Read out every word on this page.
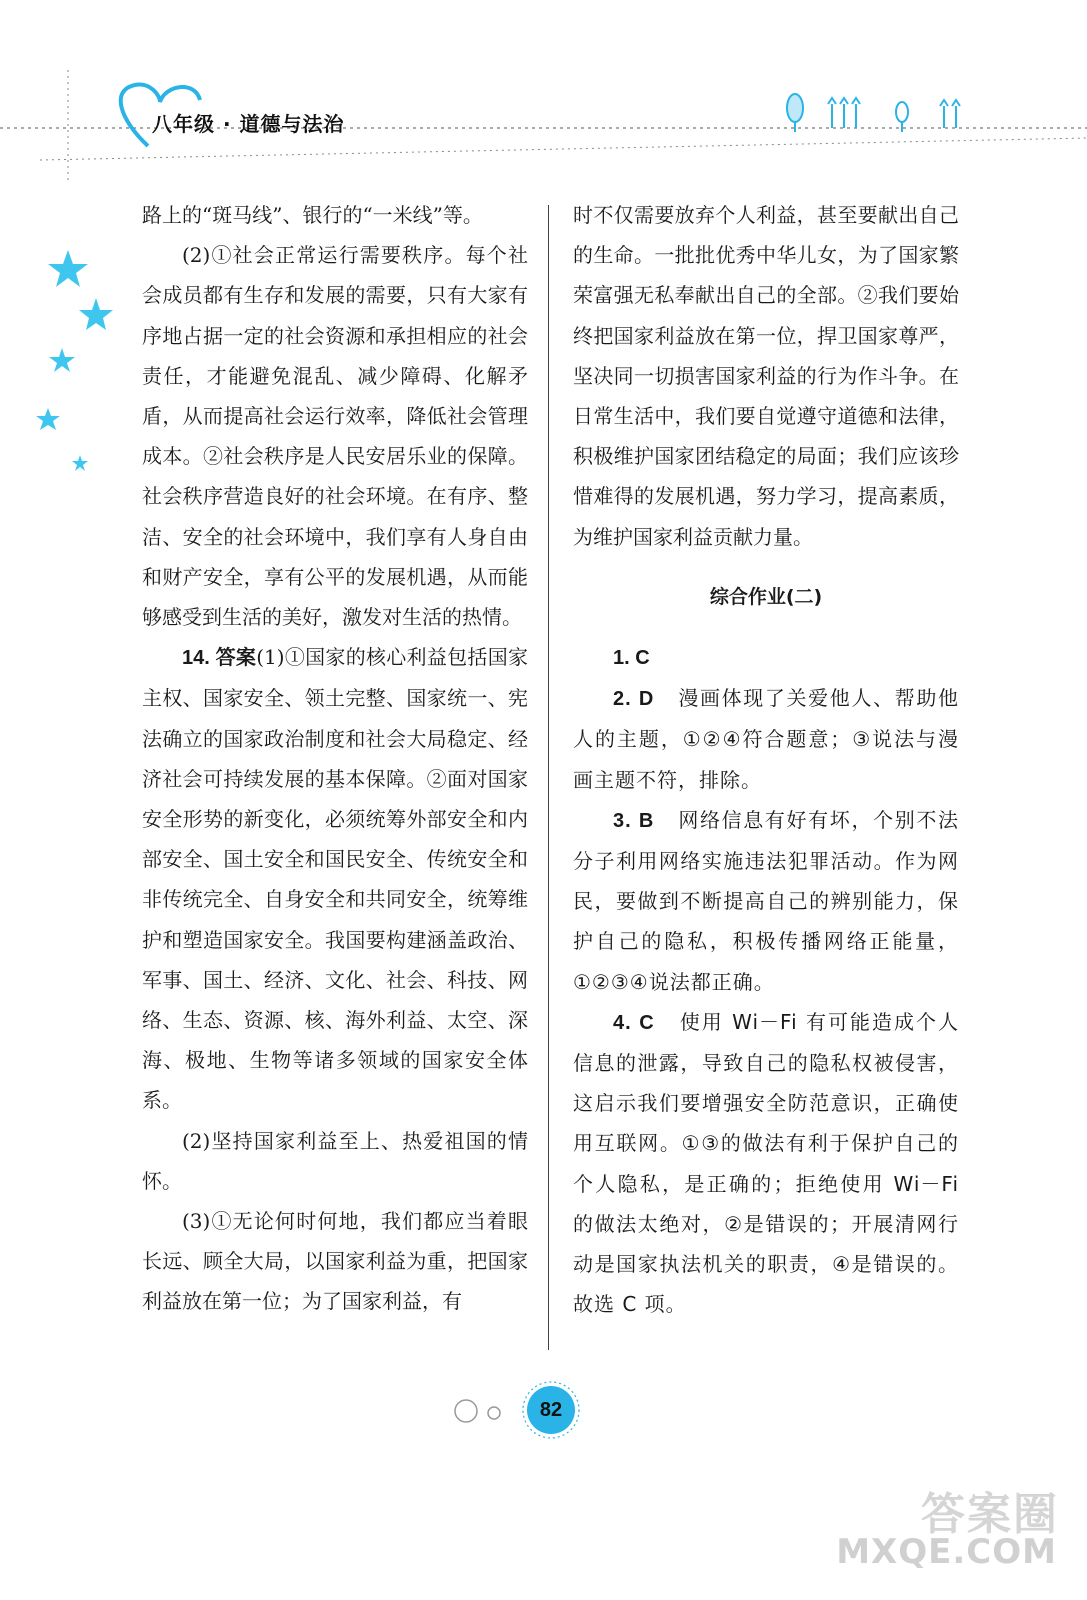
八年级 · 道德与法治

路上的“斑马线”、银行的“一米线”等。

(2)①社会正常运行需要秩序。每个社会成员都有生存和发展的需要，只有大家有序地占据一定的社会资源和承担相应的社会责任，才能避免混乱、减少障碍、化解矛盾，从而提高社会运行效率，降低社会管理成本。②社会秩序是人民安居乐业的保障。社会秩序营造良好的社会环境。在有序、整洁、安全的社会环境中，我们享有人身自由和财产安全，享有公平的发展机遇，从而能够感受到生活的美好，激发对生活的热情。

14. 答案(1)①国家的核心利益包括国家主权、国家安全、领土完整、国家统一、宪法确立的国家政治制度和社会大局稳定、经济社会可持续发展的基本保障。②面对国家安全形势的新变化，必须统筹外部安全和内部安全、国土安全和国民安全、传统安全和非传统完全、自身安全和共同安全，统筹维护和塑造国家安全。我国要构建涵盖政治、军事、国土、经济、文化、社会、科技、网络、生态、资源、核、海外利益、太空、深海、极地、生物等诸多领域的国家安全体系。

(2)坚持国家利益至上、热爱祖国的情怀。

(3)①无论何时何地，我们都应当着眼长远、顾全大局，以国家利益为重，把国家利益放在第一位；为了国家利益，有

时不仅需要放弃个人利益，甚至要献出自己的生命。一批批优秀中华儿女，为了国家繁荣富强无私奉献出自己的全部。②我们要始终把国家利益放在第一位，捍卫国家尊严，坚决同一切损害国家利益的行为作斗争。在日常生活中，我们要自觉遵守道德和法律，积极维护国家团结稳定的局面；我们应该珍惜难得的发展机遇，努力学习，提高素质，为维护国家利益贡献力量。

综合作业(二)

1. C

2. D 漫画体现了关爱他人、帮助他人的主题，①②④符合题意；③说法与漫画主题不符，排除。

3. B 网络信息有好有坏，个别不法分子利用网络实施违法犯罪活动。作为网民，要做到不断提高自己的辨别能力，保护自己的隐私，积极传播网络正能量，①②③④说法都正确。

4. C 使用 Wi－Fi 有可能造成个人信息的泄露，导致自己的隐私权被侵害，这启示我们要增强安全防范意识，正确使用互联网。①③的做法有利于保护自己的个人隐私，是正确的；拒绝使用 Wi－Fi 的做法太绝对，②是错误的；开展清网行动是国家执法机关的职责，④是错误的。故选 C 项。

82
答案圈
MXQE.COM
